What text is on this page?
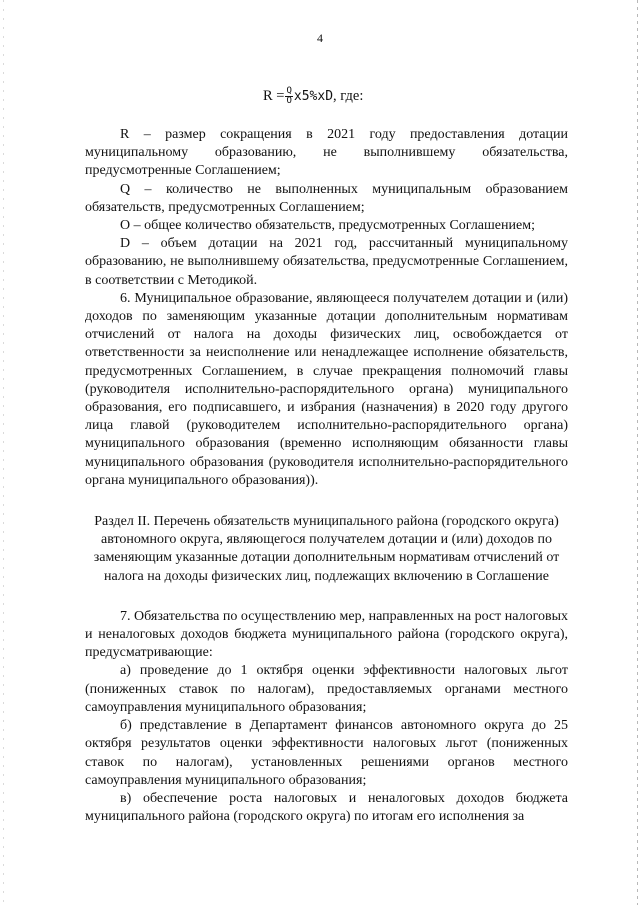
4
$R = \frac{Q}{O} x5\%xD$ , где:

R – размер сокращения в 2021 году предоставления дотации муниципальному образованию, не выполнившему обязательства, предусмотренные Соглашением;

Q – количество не выполненных муниципальным образованием обязательств, предусмотренных Соглашением;

O – общее количество обязательств, предусмотренных Соглашением;

D – объем дотации на 2021 год, рассчитанный муниципальному образованию, не выполнившему обязательства, предусмотренные Соглашением, в соответствии с Методикой.

6. Муниципальное образование, являющееся получателем дотации и (или) доходов по заменяющим указанные дотации дополнительным нормативам отчислений от налога на доходы физических лиц, освобождается от ответственности за неисполнение или ненадлежащее исполнение обязательств, предусмотренных Соглашением, в случае прекращения полномочий главы (руководителя исполнительно-распорядительного органа) муниципального образования, его подписавшего, и избрания (назначения) в 2020 году другого лица главой (руководителем исполнительно-распорядительного органа) муниципального образования (временно исполняющим обязанности главы муниципального образования (руководителя исполнительно-распорядительного органа муниципального образования)).

Раздел II. Перечень обязательств муниципального района (городского округа) автономного округа, являющегося получателем дотации и (или) доходов по заменяющим указанные дотации дополнительным нормативам отчислений от налога на доходы физических лиц, подлежащих включению в Соглашение

7. Обязательства по осуществлению мер, направленных на рост налоговых и неналоговых доходов бюджета муниципального района (городского округа), предусматривающие:

а) проведение до 1 октября оценки эффективности налоговых льгот (пониженных ставок по налогам), предоставляемых органами местного самоуправления муниципального образования;

б) представление в Департамент финансов автономного округа до 25 октября результатов оценки эффективности налоговых льгот (пониженных ставок по налогам), установленных решениями органов местного самоуправления муниципального образования;

в) обеспечение роста налоговых и неналоговых доходов бюджета муниципального района (городского округа) по итогам его исполнения за
